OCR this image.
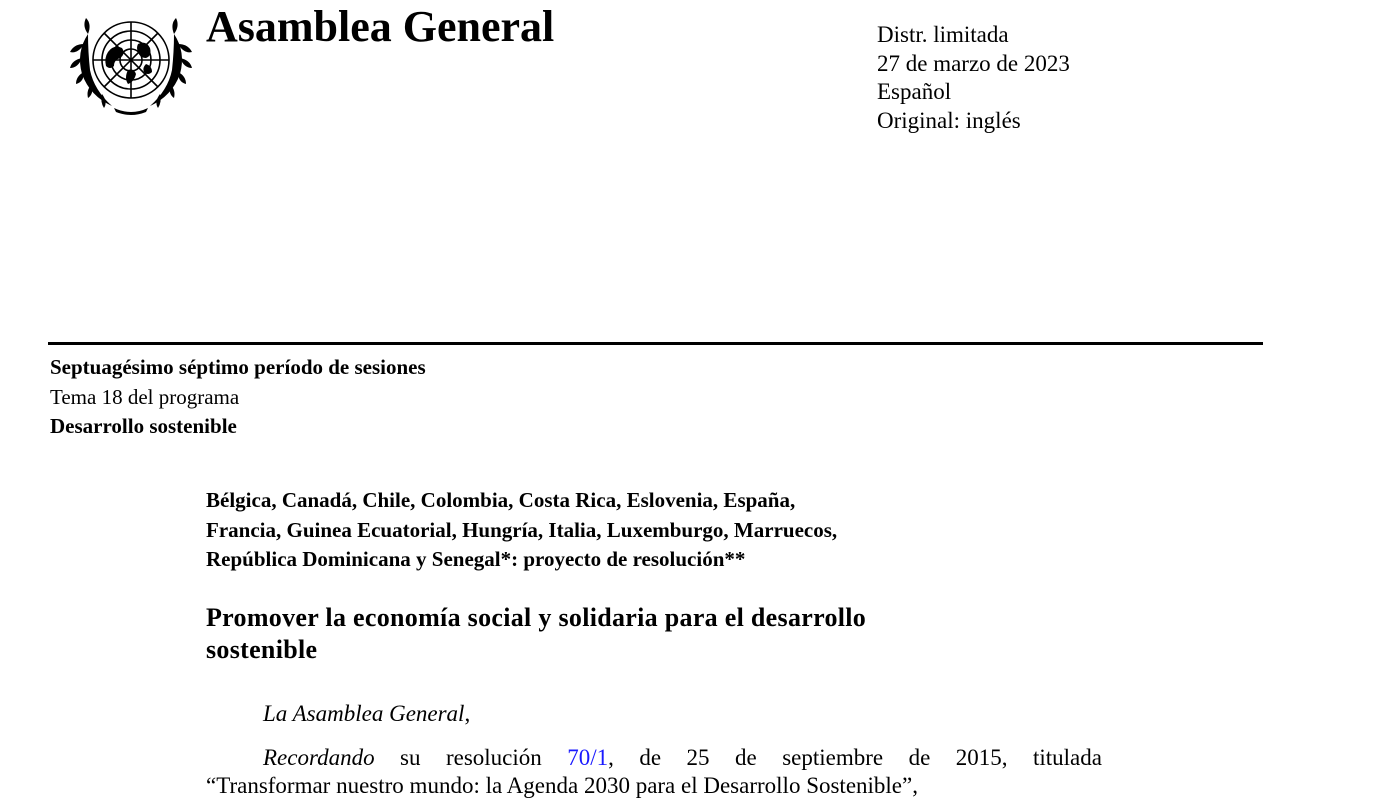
Asamblea General	Distr. limitada
27 de marzo de 2023
Español
Original: inglés
Septuagésimo séptimo período de sesiones
Tema 18 del programa
Desarrollo sostenible
Bélgica, Canadá, Chile, Colombia, Costa Rica, Eslovenia, España,
Francia, Guinea Ecuatorial, Hungría, Italia, Luxemburgo, Marruecos,
República Dominicana y Senegal*: proyecto de resolución**
Promover la economía social y solidaria para el desarrollo
sostenible
La Asamblea General,
Recordando su resolución 70/1, de 25 de septiembre de 2015, titulada
“Transformar nuestro mundo: la Agenda 2030 para el Desarrollo Sostenible”,
